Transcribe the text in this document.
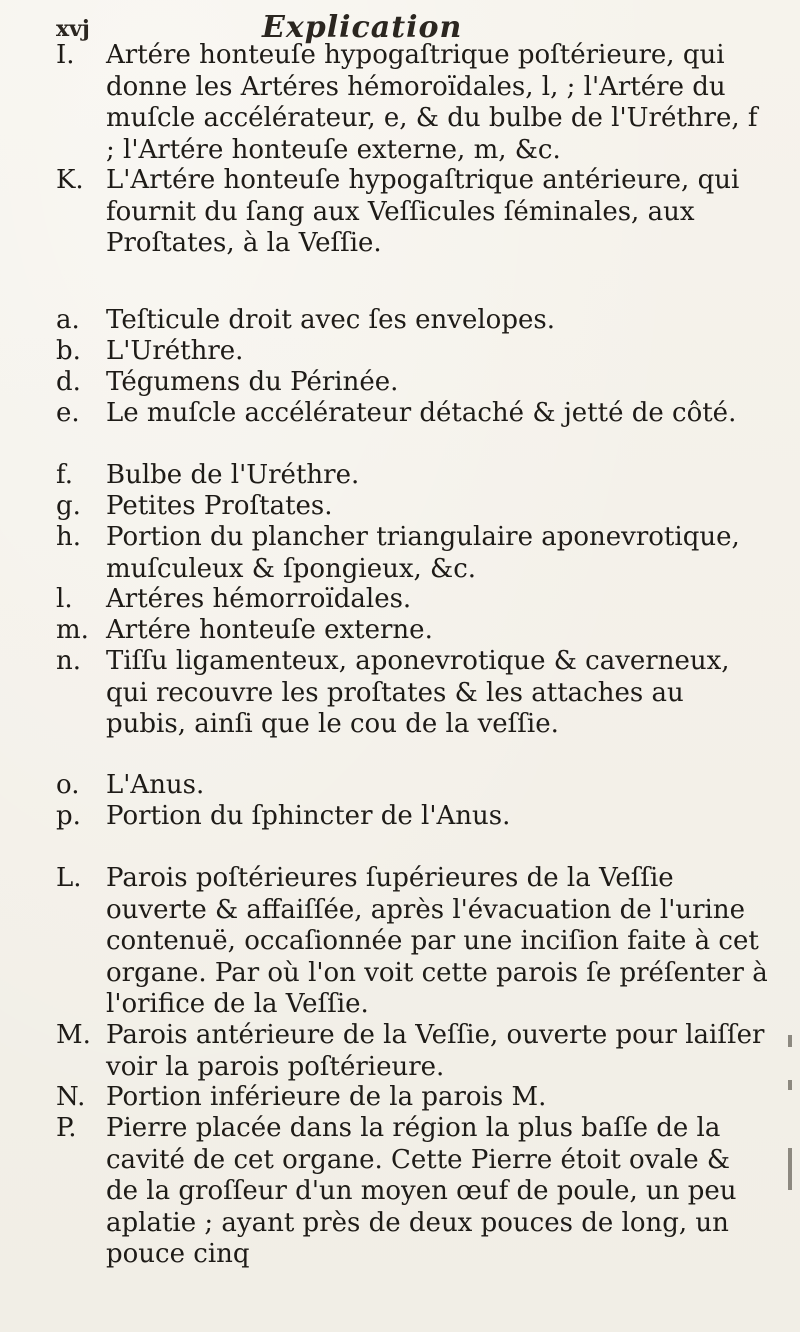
xvj	Explication
I.	Artére honteuſe hypogaſtrique poſtérieure, qui donne les Artéres hémoroïdales, l, ; l'Artére du muſcle accélérateur, e, & du bulbe de l'Uréthre, f ; l'Artére honteuſe externe, m, &c.
K. L'Artére honteuſe hypogaſtrique antérieure, qui fournit du ſang aux Veſſicules ſéminales, aux Proſtates, à la Veſſie.
a.	Teſticule droit avec ſes envelopes.
b. L'Uréthre.
d. Tégumens du Périnée.
e.	Le muſcle accélérateur détaché & jetté de côté.
f.	Bulbe de l'Uréthre.
g. Petites Proſtates.
h. Portion du plancher triangulaire aponevrotique, muſculeux & ſpongieux, &c.
l.	Artéres hémorroïdales.
m. Artére honteuſe externe.
n. Tiſſu ligamenteux, aponevrotique & caverneux, qui recouvre les proſtates & les attaches au pubis, ainſi que le cou de la veſſie.
o.	L'Anus.
p. Portion du ſphincter de l'Anus.
L. Parois poſtérieures ſupérieures de la Veſſie ouverte & affaiſſée, après l'évacuation de l'urine contenuë, occaſionnée par une inciſion faite à cet organe. Par où l'on voit cette parois ſe préſenter à l'orifice de la Veſſie.
M. Parois antérieure de la Veſſie, ouverte pour laiſſer voir la parois poſtérieure.
N. Portion inférieure de la parois M.
P.	Pierre placée dans la région la plus baſſe de la cavité de cet organe. Cette Pierre étoit ovale & de la groſſeur d'un moyen œuf de poule, un peu aplatie ; ayant près de deux pouces de long, un pouce cinq
